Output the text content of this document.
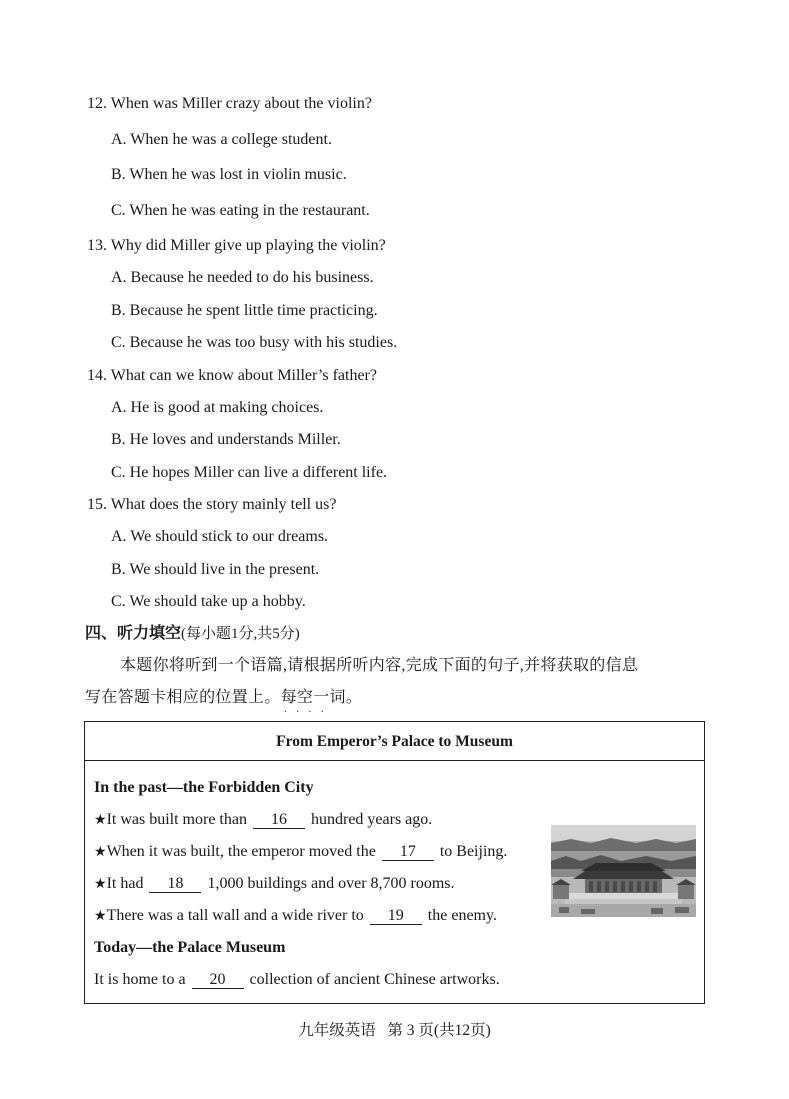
12. When was Miller crazy about the violin?
A. When he was a college student.
B. When he was lost in violin music.
C. When he was eating in the restaurant.
13. Why did Miller give up playing the violin?
A. Because he needed to do his business.
B. Because he spent little time practicing.
C. Because he was too busy with his studies.
14. What can we know about Miller’s father?
A. He is good at making choices.
B. He loves and understands Miller.
C. He hopes Miller can live a different life.
15. What does the story mainly tell us?
A. We should stick to our dreams.
B. We should live in the present.
C. We should take up a hobby.
四、听力填空(每小题1分,共5分)
本题你将听到一个语篇,请根据所听内容,完成下面的句子,并将获取的信息
写在答题卡相应的位置上。每空一词
····
。
From Emperor’s Palace to Museum
In the past—the Forbidden City
★It was built more than 16 hundred years ago.
★When it was built, the emperor moved the 17 to Beijing.
★It had 18 1,000 buildings and over 8,700 rooms.
★There was a tall wall and a wide river to 19 the enemy.
Today—the Palace Museum
It is home to a 20 collection of ancient Chinese artworks.
九年级英语 第 3 页(共12页)
